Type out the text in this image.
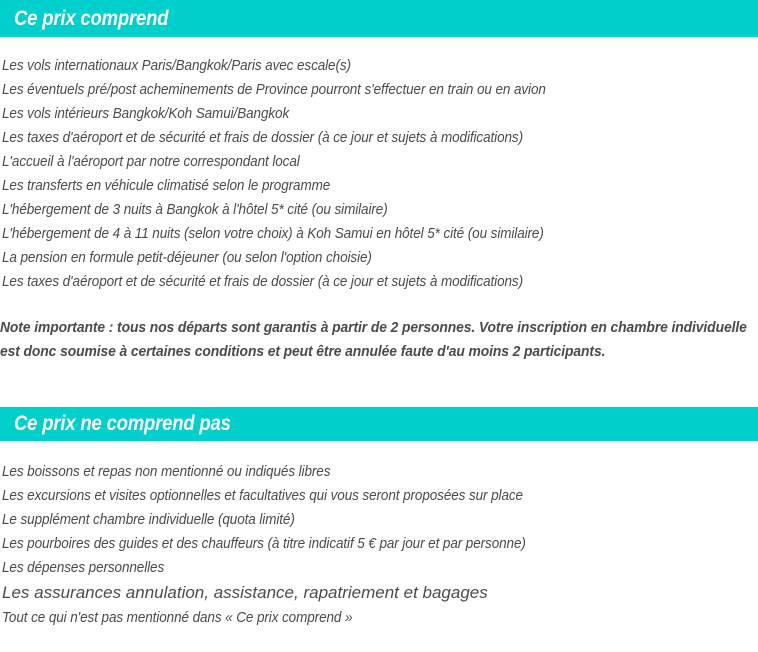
Ce prix comprend
Les vols internationaux Paris/Bangkok/Paris avec escale(s)
Les éventuels pré/post acheminements de Province pourront s'effectuer en train ou en avion
Les vols intérieurs Bangkok/Koh Samui/Bangkok
Les taxes d'aéroport et de sécurité et frais de dossier (à ce jour et sujets à modifications)
L'accueil à l'aéroport par notre correspondant local
Les transferts en véhicule climatisé selon le programme
L'hébergement de 3 nuits à Bangkok à l'hôtel 5* cité (ou similaire)
L'hébergement de 4 à 11 nuits (selon votre choix) à Koh Samui en hôtel 5* cité (ou similaire)
La pension en formule petit-déjeuner (ou selon l'option choisie)
Les taxes d'aéroport et de sécurité et frais de dossier (à ce jour et sujets à modifications)
Note importante : tous nos départs sont garantis à partir de 2 personnes. Votre inscription en chambre individuelle est donc soumise à certaines conditions et peut être annulée faute d'au moins 2 participants.
Ce prix ne comprend pas
Les boissons et repas non mentionné ou indiqués libres
Les excursions et visites optionnelles et facultatives qui vous seront proposées sur place
Le supplément chambre individuelle (quota limité)
Les pourboires des guides et des chauffeurs (à titre indicatif 5 € par jour et par personne)
Les dépenses personnelles
Les assurances annulation, assistance, rapatriement et bagages
Tout ce qui n'est pas mentionné dans « Ce prix comprend »
